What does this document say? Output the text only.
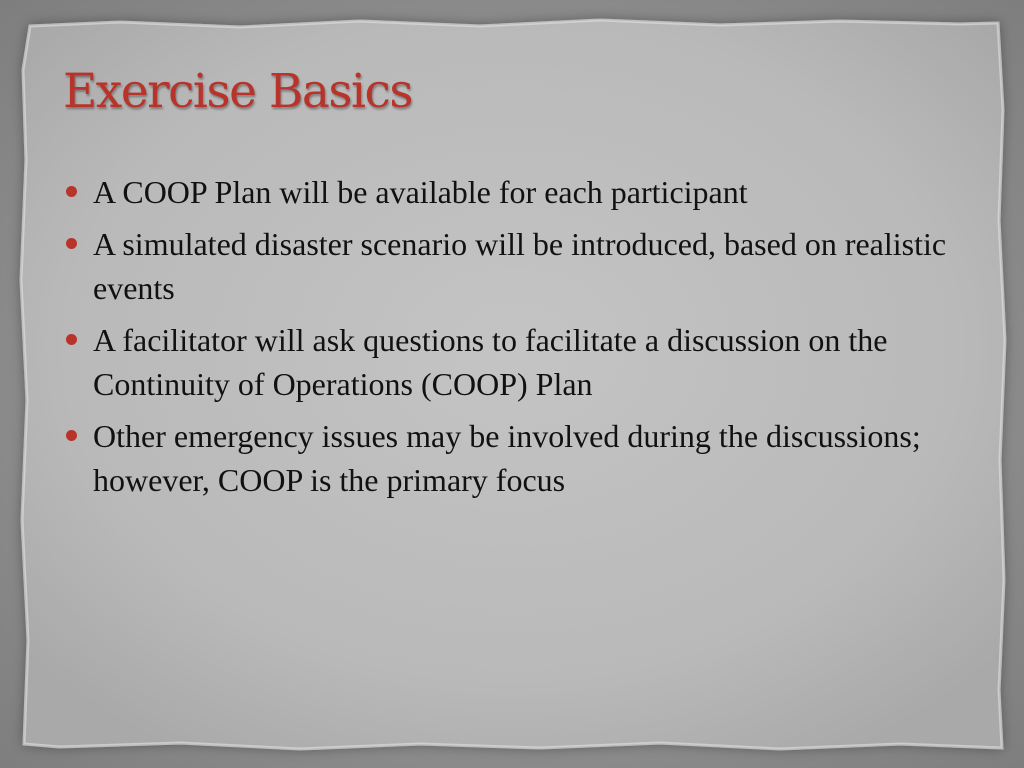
Exercise Basics
A COOP Plan will be available for each participant
A simulated disaster scenario will be introduced, based on realistic events
A facilitator will ask questions to facilitate a discussion on the Continuity of Operations (COOP) Plan
Other emergency issues may be involved during the discussions; however, COOP is the primary focus
